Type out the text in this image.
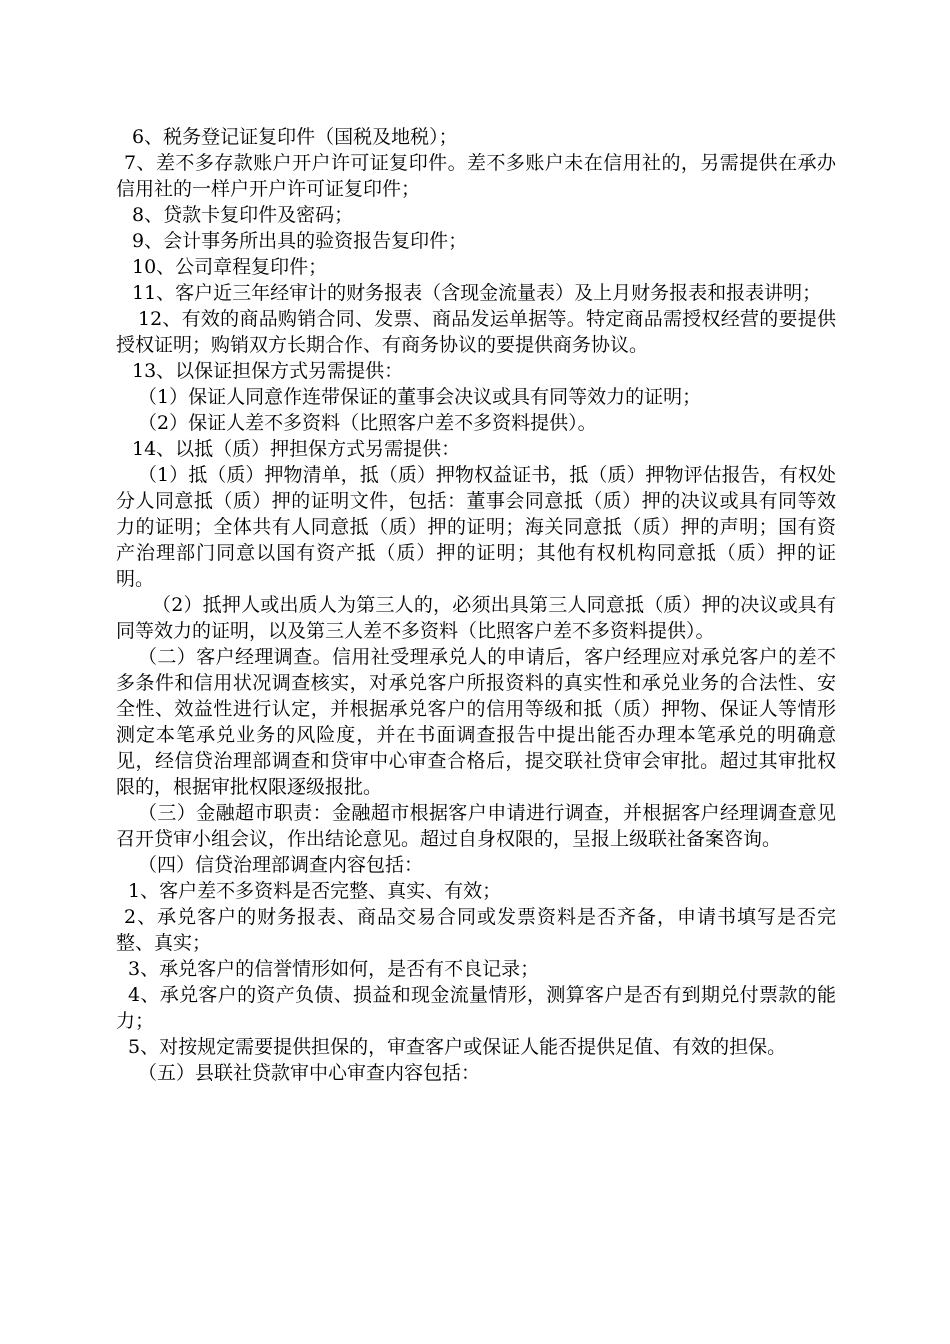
6、税务登记证复印件（国税及地税）；

7、差不多存款账户开户许可证复印件。差不多账户未在信用社的，另需提供在承办信用社的一样户开户许可证复印件；

8、贷款卡复印件及密码；

9、会计事务所出具的验资报告复印件；

10、公司章程复印件；

11、客户近三年经审计的财务报表（含现金流量表）及上月财务报表和报表讲明；

12、有效的商品购销合同、发票、商品发运单据等。特定商品需授权经营的要提供授权证明；购销双方长期合作、有商务协议的要提供商务协议。

13、以保证担保方式另需提供：

（1）保证人同意作连带保证的董事会决议或具有同等效力的证明；

（2）保证人差不多资料（比照客户差不多资料提供）。

14、以抵（质）押担保方式另需提供：

（1）抵（质）押物清单，抵（质）押物权益证书，抵（质）押物评估报告，有权处分人同意抵（质）押的证明文件，包括：董事会同意抵（质）押的决议或具有同等效力的证明；全体共有人同意抵（质）押的证明；海关同意抵（质）押的声明；国有资产治理部门同意以国有资产抵（质）押的证明；其他有权机构同意抵（质）押的证明。

（2）抵押人或出质人为第三人的，必须出具第三人同意抵（质）押的决议或具有同等效力的证明，以及第三人差不多资料（比照客户差不多资料提供）。

（二）客户经理调查。信用社受理承兑人的申请后，客户经理应对承兑客户的差不多条件和信用状况调查核实，对承兑客户所报资料的真实性和承兑业务的合法性、安全性、效益性进行认定，并根据承兑客户的信用等级和抵（质）押物、保证人等情形测定本笔承兑业务的风险度，并在书面调查报告中提出能否办理本笔承兑的明确意见，经信贷治理部调查和贷审中心审查合格后，提交联社贷审会审批。超过其审批权限的，根据审批权限逐级报批。

（三）金融超市职责：金融超市根据客户申请进行调查，并根据客户经理调查意见召开贷审小组会议，作出结论意见。超过自身权限的，呈报上级联社备案咨询。

（四）信贷治理部调查内容包括：

1、客户差不多资料是否完整、真实、有效；

2、承兑客户的财务报表、商品交易合同或发票资料是否齐备，申请书填写是否完整、真实；

3、承兑客户的信誉情形如何，是否有不良记录；

4、承兑客户的资产负债、损益和现金流量情形，测算客户是否有到期兑付票款的能力；

5、对按规定需要提供担保的，审查客户或保证人能否提供足值、有效的担保。

（五）县联社贷款审中心审查内容包括：
